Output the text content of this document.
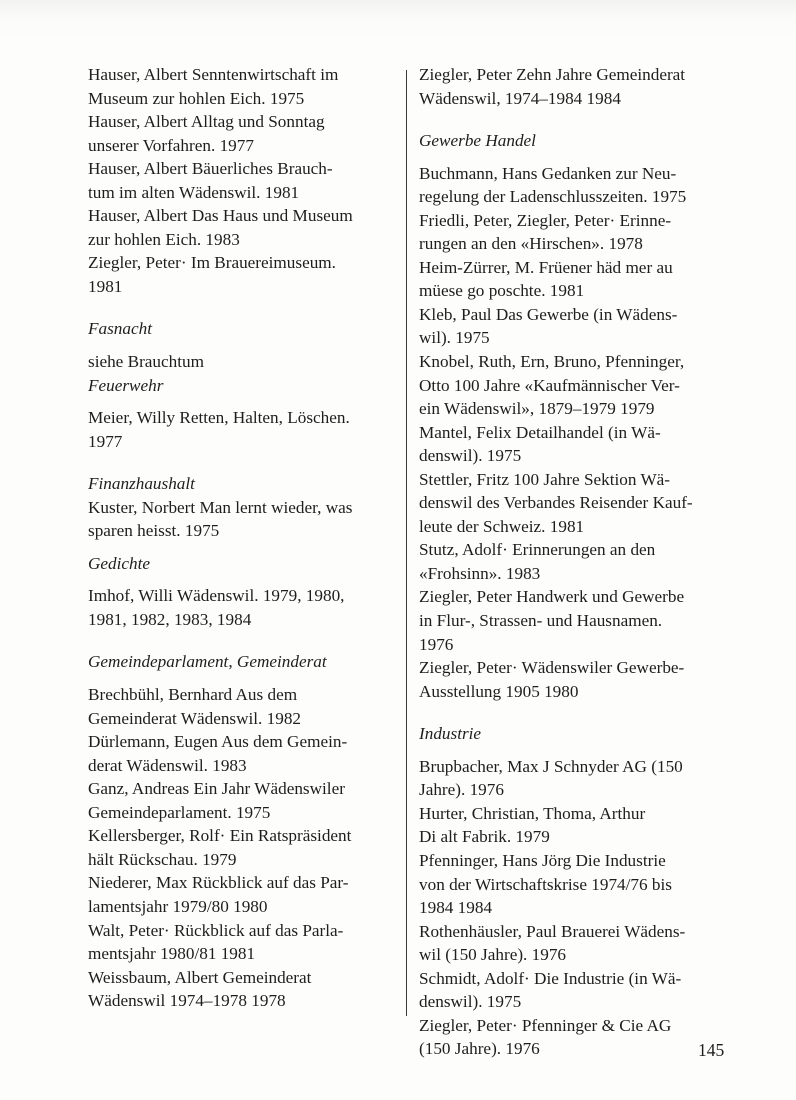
Hauser, Albert Senntenwirtschaft im
Museum zur hohlen Eich. 1975
Hauser, Albert Alltag und Sonntag
unserer Vorfahren. 1977
Hauser, Albert Bäuerliches Brauch-
tum im alten Wädenswil. 1981
Hauser, Albert Das Haus und Museum
zur hohlen Eich. 1983
Ziegler, Peter· Im Brauereimuseum.
1981
Fasnacht
siehe Brauchtum
Feuerwehr
Meier, Willy Retten, Halten, Löschen.
1977
Finanzhaushalt
Kuster, Norbert Man lernt wieder, was
sparen heisst. 1975
Gedichte
Imhof, Willi Wädenswil. 1979, 1980,
1981, 1982, 1983, 1984
Gemeindeparlament, Gemeinderat
Brechbühl, Bernhard Aus dem
Gemeinderat Wädenswil. 1982
Dürlemann, Eugen Aus dem Gemein-
derat Wädenswil. 1983
Ganz, Andreas Ein Jahr Wädenswiler
Gemeindeparlament. 1975
Kellersberger, Rolf· Ein Ratspräsident
hält Rückschau. 1979
Niederer, Max Rückblick auf das Par-
lamentsjahr 1979/80 1980
Walt, Peter· Rückblick auf das Parla-
mentsjahr 1980/81 1981
Weissbaum, Albert Gemeinderat
Wädenswil 1974–1978 1978
Ziegler, Peter Zehn Jahre Gemeinderat
Wädenswil, 1974–1984 1984
Gewerbe Handel
Buchmann, Hans Gedanken zur Neu-
regelung der Ladenschlusszeiten. 1975
Friedli, Peter, Ziegler, Peter· Erinne-
rungen an den «Hirschen». 1978
Heim-Zürrer, M. Früener häd mer au
müese go poschte. 1981
Kleb, Paul Das Gewerbe (in Wädens-
wil). 1975
Knobel, Ruth, Ern, Bruno, Pfenninger,
Otto 100 Jahre «Kaufmännischer Ver-
ein Wädenswil», 1879–1979 1979
Mantel, Felix Detailhandel (in Wä-
denswil). 1975
Stettler, Fritz 100 Jahre Sektion Wä-
denswil des Verbandes Reisender Kauf-
leute der Schweiz. 1981
Stutz, Adolf· Erinnerungen an den
«Frohsinn». 1983
Ziegler, Peter Handwerk und Gewerbe
in Flur-, Strassen- und Hausnamen.
1976
Ziegler, Peter· Wädenswiler Gewerbe-
Ausstellung 1905 1980
Industrie
Brupbacher, Max J Schnyder AG (150
Jahre). 1976
Hurter, Christian, Thoma, Arthur
Di alt Fabrik. 1979
Pfenninger, Hans Jörg Die Industrie
von der Wirtschaftskrise 1974/76 bis
1984 1984
Rothenhäusler, Paul Brauerei Wädens-
wil (150 Jahre). 1976
Schmidt, Adolf· Die Industrie (in Wä-
denswil). 1975
Ziegler, Peter· Pfenninger & Cie AG
(150 Jahre). 1976	145
